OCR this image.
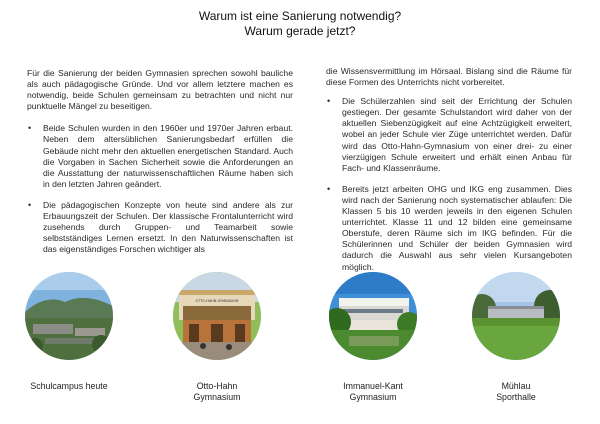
Warum ist eine Sanierung notwendig?
Warum gerade jetzt?

Für die Sanierung der beiden Gymnasien sprechen sowohl bauliche als auch pädagogische Gründe. Und vor allem letztere machen es notwendig, beide Schulen gemeinsam zu betrachten und nicht nur punktuelle Mängel zu beseitigen.

• Beide Schulen wurden in den 1960er und 1970er Jahren erbaut. Neben dem altersüblichen Sanierungsbedarf erfüllen die Gebäude nicht mehr den aktuellen energetischen Standard. Auch die Vorgaben in Sachen Sicherheit sowie die Anforderungen an die Ausstattung der naturwissenschaftlichen Räume haben sich in den letzten Jahren geändert.
• Die pädagogischen Konzepte von heute sind andere als zur Erbauungszeit der Schulen. Der klassische Frontalunterricht wird zusehends durch Gruppen- und Teamarbeit sowie selbstständiges Lernen ersetzt. In den Naturwissenschaften ist das eigenständiges Forschen wichtiger als

die Wissensvermittlung im Hörsaal. Bislang sind die Räume für diese Formen des Unterrichts nicht vorbereitet.

• Die Schülerzahlen sind seit der Errichtung der Schulen gestiegen. Der gesamte Schulstandort wird daher von der aktuellen Siebenzügigkeit auf eine Achtzügigkeit erweitert, wobei an jeder Schule vier Züge unterrichtet werden. Dafür wird das Otto-Hahn-Gymnasium von einer drei- zu einer vierzügigen Schule erweitert und erhält einen Anbau für Fach- und Klassenräume.
• Bereits jetzt arbeiten OHG und IKG eng zusammen. Dies wird nach der Sanierung noch systematischer ablaufen: Die Klassen 5 bis 10 werden jeweils in den eigenen Schulen unterrichtet. Klasse 11 und 12 bilden eine gemeinsame Oberstufe, deren Räume sich im IKG befinden. Für die Schülerinnen und Schüler der beiden Gymnasien wird dadurch die Auswahl aus sehr vielen Kursangeboten möglich.
OTTO-HAHN-GYMNASIUM
Schulcampus heute	Otto-Hahn
Gymnasium
Immanuel-Kant
Gymnasium
Mühlau
Sporthalle
